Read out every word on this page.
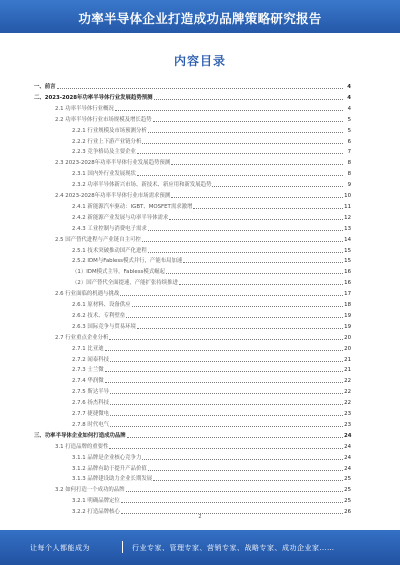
功率半导体企业打造成功品牌策略研究报告
内容目录
一、前言	4
二、2023-2028年功率半导体行业发展趋势预测	4
2.1 功率半导体行业概况	4
2.2 功率半导体行业市场规模及增长趋势	5
2.2.1 行业规模及市场预测分析	5
2.2.2 行业上下游产业链分析	6
2.2.3 竞争格局及主要企业	7
2.3 2023-2028年功率半导体行业发展趋势预测	8
2.3.1 国内外行业发展现状	8
2.3.2 功率半导体新兴市场、新技术、新应用和新发展趋势	9
2.4 2023-2028年功率半导体行业市场需求预测	10
2.4.1 新能源汽车驱动：IGBT、MOSFET需求激增	11
2.4.2 新能源产业发展与功率半导体需求	12
2.4.3 工业控制与消费电子需求	13
2.5 国产替代进程与产业链自主可控	14
2.5.1 技术突破推动国产化进程	15
2.5.2 IDM与Fabless模式并行，产能布局加速	15
（1）IDM模式主导，Fabless模式崛起	16
（2）国产替代全面提速，产能扩张持续推进	16
2.6 行业面临的机遇与挑战	17
2.6.1 原材料、设备供应	18
2.6.2 技术、专利壁垒	19
2.6.3 国际竞争与贸易环境	19
2.7 行业重点企业分析	20
2.7.1 比亚迪	20
2.7.2 闻泰科技	21
2.7.3 士兰微	21
2.7.4 华润微	22
2.7.5 斯达半导	22
2.7.6 扬杰科技	22
2.7.7 捷捷微电	23
2.7.8 时代电气	23
三、功率半导体企业如何打造成功品牌	24
3.1 打造品牌的重要性	24
3.1.1 品牌是企业核心竞争力	24
3.1.2 品牌有助于提升产品价值	24
3.1.3 品牌建设助力企业长期发展	25
3.2 如何打造一个成功的品牌	25
3.2.1 明确品牌定位	25
3.2.2 打造品牌核心	26
2
让每个人都能成为	行业专家、管理专家、营销专家、战略专家、成功企业家……
